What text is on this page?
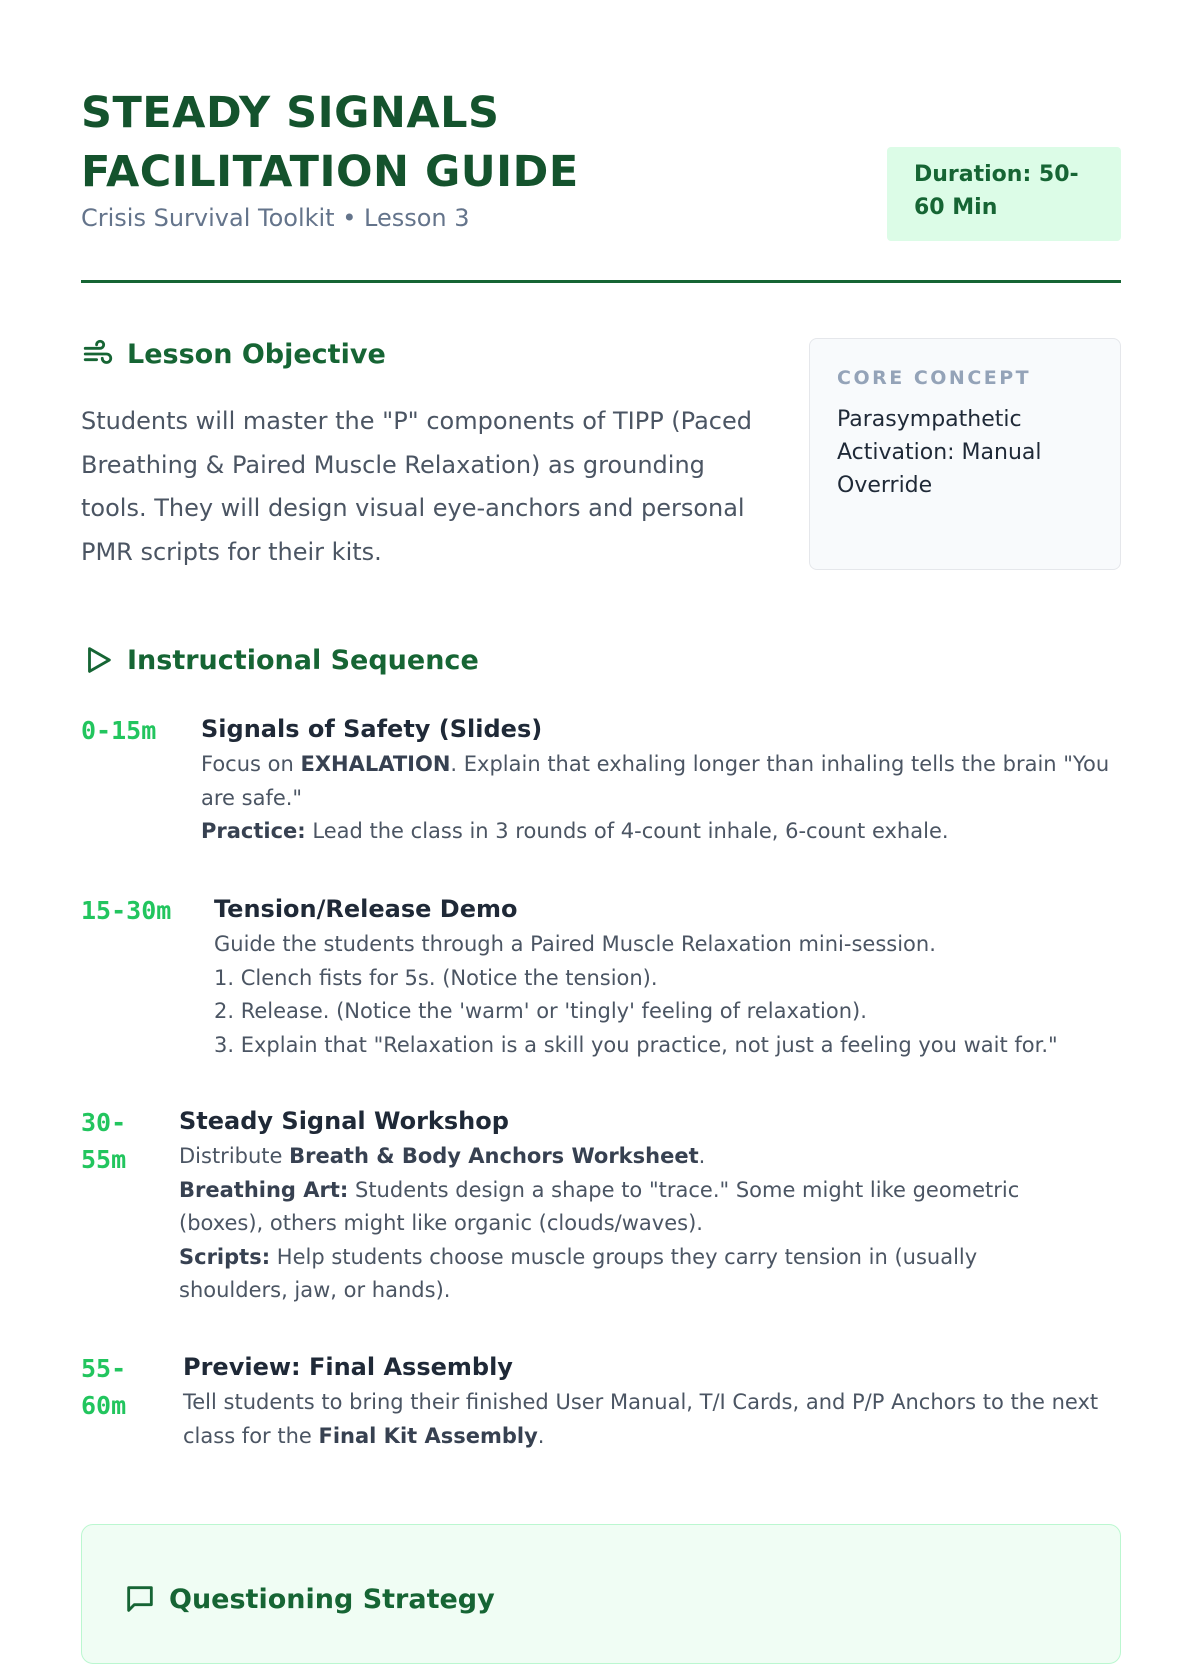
STEADY SIGNALS
FACILITATION GUIDE
Crisis Survival Toolkit • Lesson 3
Duration: 50-
60 Min
Lesson Objective

Students will master the "P" components of TIPP (Paced Breathing & Paired Muscle Relaxation) as grounding tools. They will design visual eye-anchors and personal PMR scripts for their kits.

CORE CONCEPT
Parasympathetic Activation: Manual Override
Instructional Sequence
0-15m Signals of Safety (Slides)
Focus on EXHALATION. Explain that exhaling longer than inhaling tells the brain "You are safe."
Practice: Lead the class in 3 rounds of 4-count inhale, 6-count exhale.
15-30m Tension/Release Demo
Guide the students through a Paired Muscle Relaxation mini-session.
1. Clench fists for 5s. (Notice the tension).
2. Release. (Notice the 'warm' or 'tingly' feeling of relaxation).
3. Explain that "Relaxation is a skill you practice, not just a feeling you wait for."
30-
55m
Steady Signal Workshop
Distribute Breath & Body Anchors Worksheet.
Breathing Art: Students design a shape to "trace." Some might like geometric (boxes), others might like organic (clouds/waves).
Scripts: Help students choose muscle groups they carry tension in (usually shoulders, jaw, or hands).
55-
60m
Preview: Final Assembly
Tell students to bring their finished User Manual, T/I Cards, and P/P Anchors to the next class for the Final Kit Assembly.
Questioning Strategy
